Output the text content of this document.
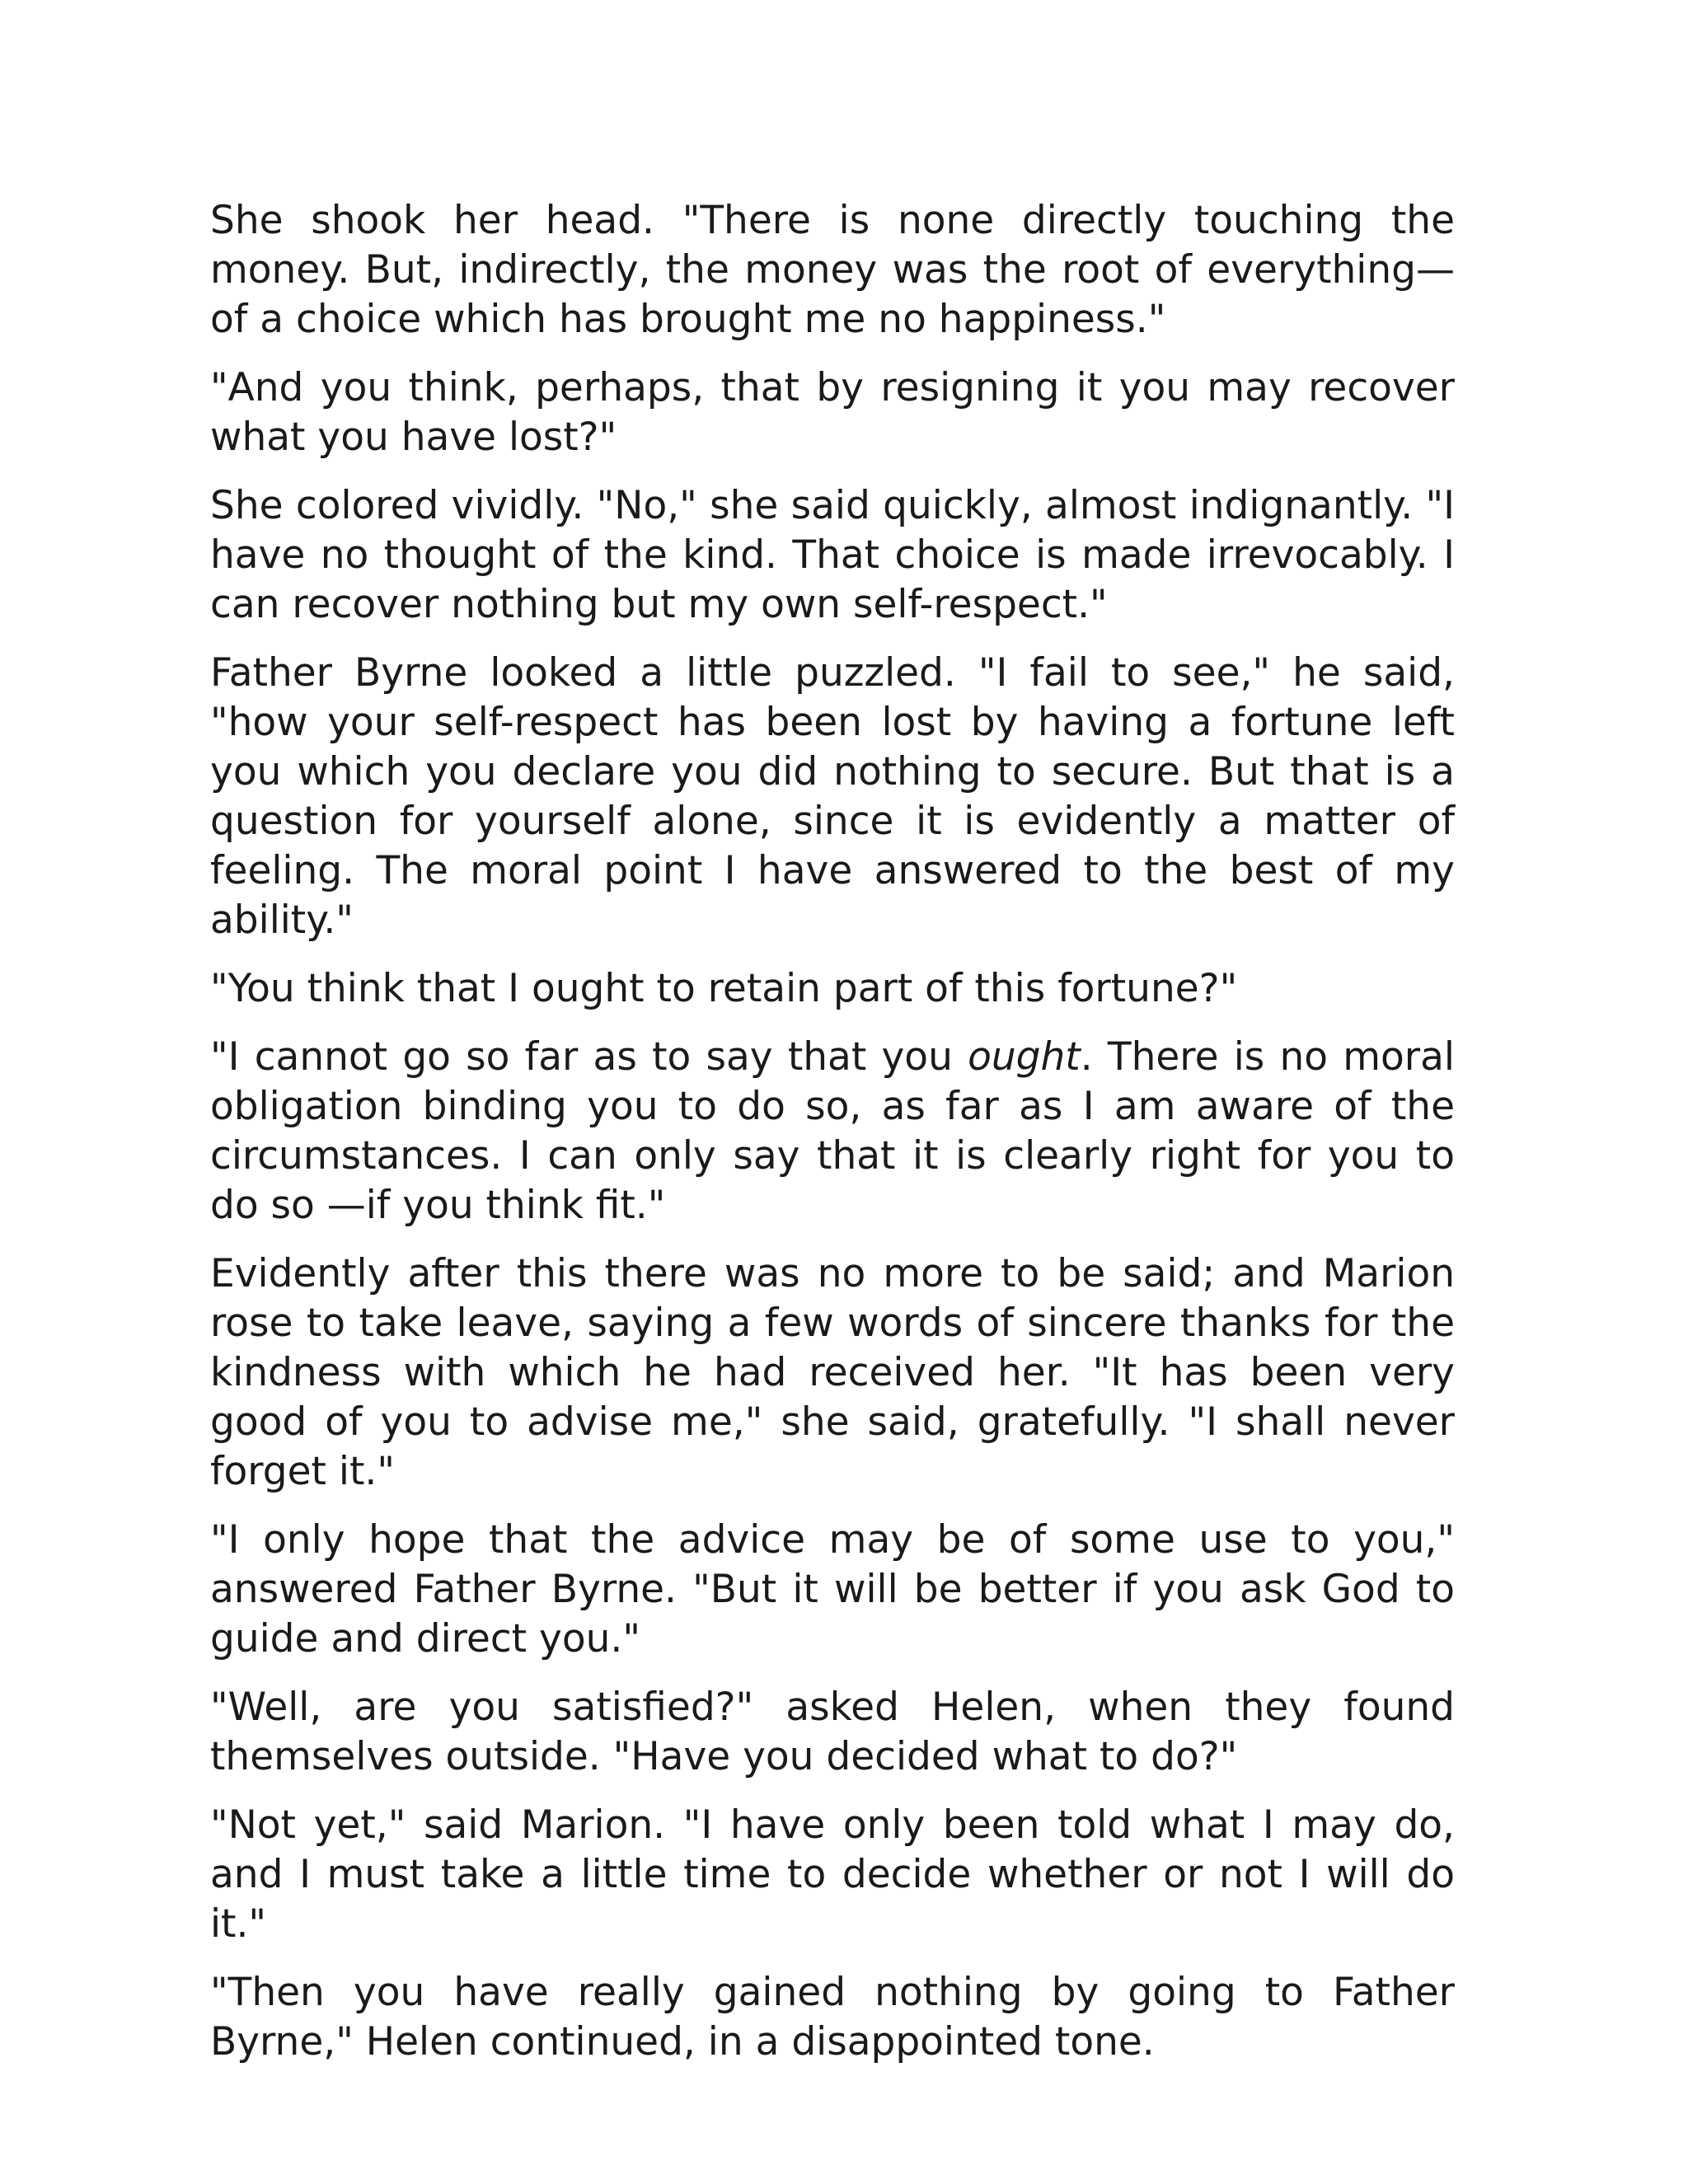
She shook her head. "There is none directly touching the money. But, indirectly, the money was the root of everything—of a choice which has brought me no happiness."

"And you think, perhaps, that by resigning it you may recover what you have lost?"

She colored vividly. "No," she said quickly, almost indignantly. "I have no thought of the kind. That choice is made irrevocably. I can recover nothing but my own self-respect."

Father Byrne looked a little puzzled. "I fail to see," he said, "how your self-respect has been lost by having a fortune left you which you declare you did nothing to secure. But that is a question for yourself alone, since it is evidently a matter of feeling. The moral point I have answered to the best of my ability."

"You think that I ought to retain part of this fortune?"

"I cannot go so far as to say that you ought. There is no moral obligation binding you to do so, as far as I am aware of the circumstances. I can only say that it is clearly right for you to do so —if you think fit."

Evidently after this there was no more to be said; and Marion rose to take leave, saying a few words of sincere thanks for the kindness with which he had received her. "It has been very good of you to advise me," she said, gratefully. "I shall never forget it."

"I only hope that the advice may be of some use to you," answered Father Byrne. "But it will be better if you ask God to guide and direct you."

"Well, are you satisfied?" asked Helen, when they found themselves outside. "Have you decided what to do?"

"Not yet," said Marion. "I have only been told what I may do, and I must take a little time to decide whether or not I will do it."

"Then you have really gained nothing by going to Father Byrne," Helen continued, in a disappointed tone.
